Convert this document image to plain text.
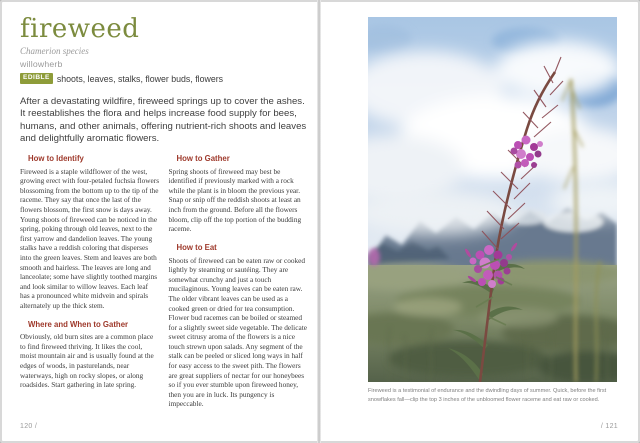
fireweed
Chamerion species
willowherb
EDIBLE shoots, leaves, stalks, flower buds, flowers

After a devastating wildfire, fireweed springs up to cover the ashes. It reestablishes the flora and helps increase food supply for bees, humans, and other animals, offering nutrient-rich shoots and leaves and delightfully aromatic flowers.

How to Identify

Fireweed is a staple wildflower of the west, growing erect with four-petaled fuchsia flowers blossoming from the bottom up to the tip of the raceme. They say that once the last of the flowers blossom, the first snow is days away. Young shoots of fireweed can be noticed in the spring, poking through old leaves, next to the first yarrow and dandelion leaves. The young stalks have a reddish coloring that disperses into the green leaves. Stem and leaves are both smooth and hairless. The leaves are long and lanceolate; some have slightly toothed margins and look similar to willow leaves. Each leaf has a pronounced white midvein and spirals alternately up the thick stem.

Where and When to Gather

Obviously, old burn sites are a common place to find fireweed thriving. It likes the cool, moist mountain air and is usually found at the edges of woods, in pasturelands, near waterways, high on rocky slopes, or along roadsides. Start gathering in late spring.

How to Gather

Spring shoots of fireweed may best be identified if previously marked with a rock while the plant is in bloom the previous year. Snap or snip off the reddish shoots at least an inch from the ground. Before all the flowers bloom, clip off the top portion of the budding raceme.

How to Eat

Shoots of fireweed can be eaten raw or cooked lightly by steaming or sautéing. They are somewhat crunchy and just a touch mucilaginous. Young leaves can be eaten raw. The older vibrant leaves can be used as a cooked green or dried for tea consumption. Flower bud racemes can be boiled or steamed for a slightly sweet side vegetable. The delicate sweet citrusy aroma of the flowers is a nice touch strewn upon salads. Any segment of the stalk can be peeled or sliced long ways in half for easy access to the sweet pith. The flowers are great suppliers of nectar for our honeybees so if you ever stumble upon fireweed honey, then you are in luck. Its pungency is impeccable.

120 /

Fireweed is a testimonial of endurance and the dwindling days of summer. Quick, before the first snowflakes fall—clip the top 3 inches of the unbloomed flower raceme and eat raw or cooked.

/ 121
